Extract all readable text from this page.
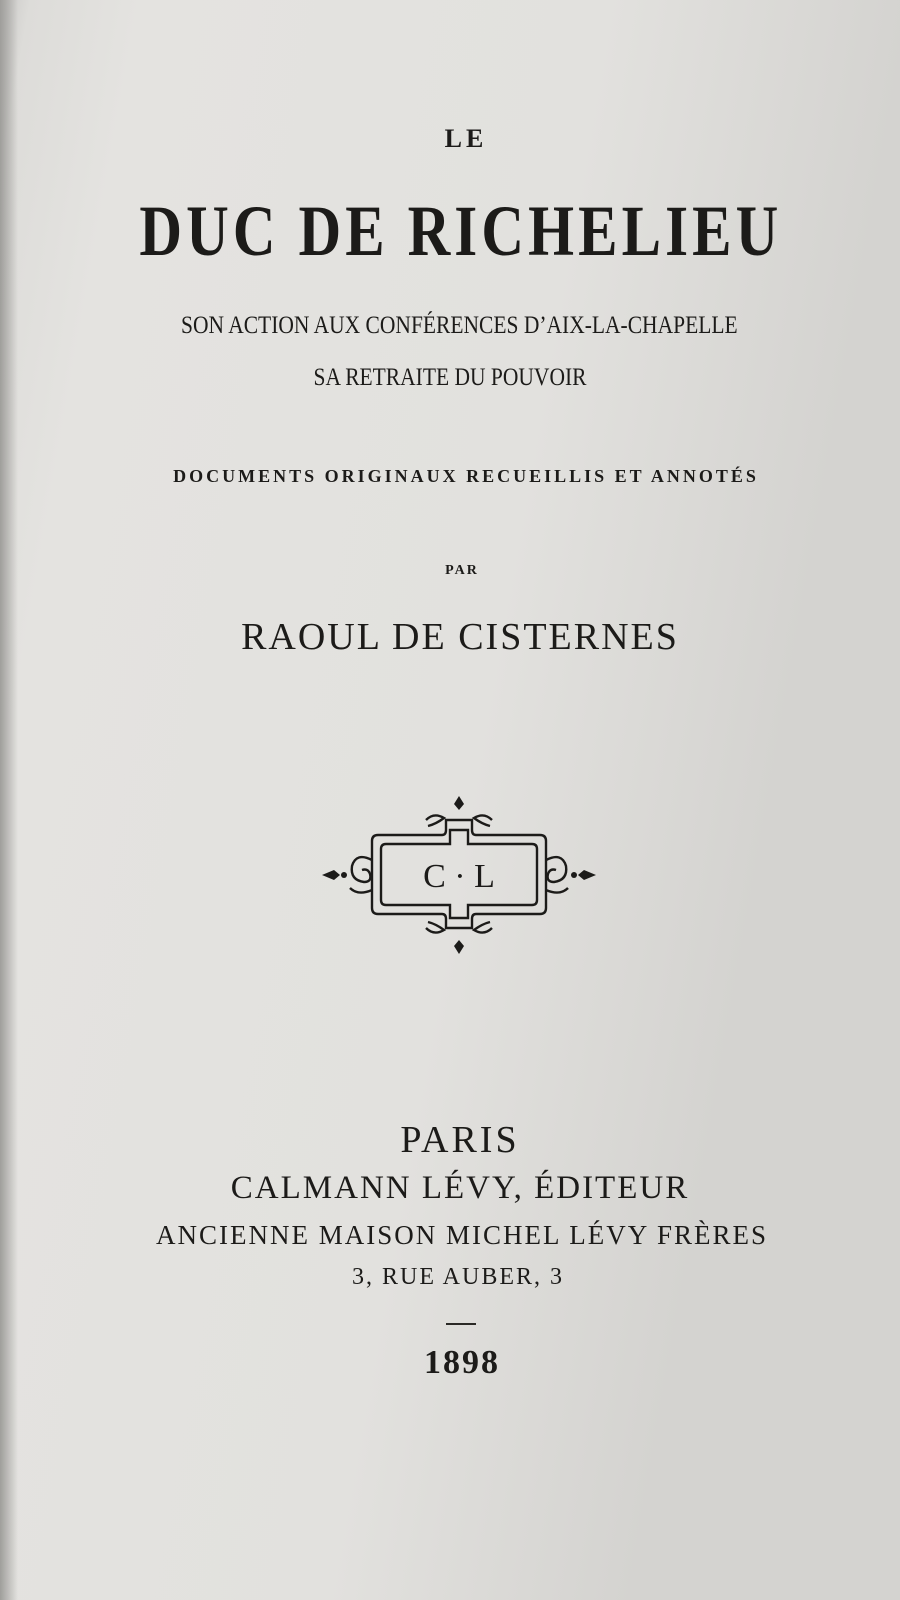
LE
DUC DE RICHELIEU
SON ACTION AUX CONFÉRENCES D’AIX-LA-CHAPELLE
SA RETRAITE DU POUVOIR
DOCUMENTS ORIGINAUX RECUEILLIS ET ANNOTÉS
PAR
RAOUL DE CISTERNES
C · L
PARIS
CALMANN LÉVY, ÉDITEUR
ANCIENNE MAISON MICHEL LÉVY FRÈRES
3, RUE AUBER, 3
1898
